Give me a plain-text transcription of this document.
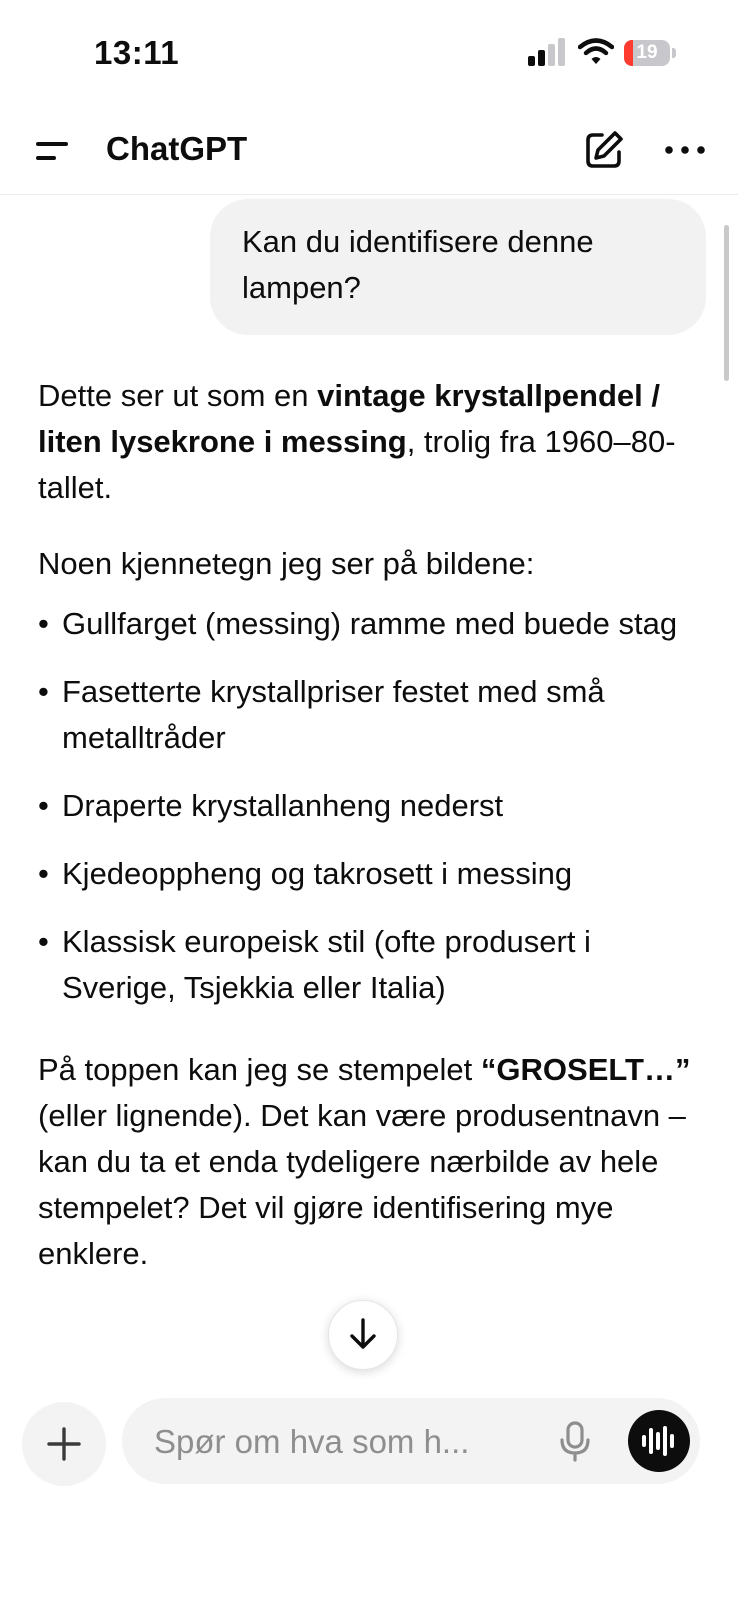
13:11	19
ChatGPT
Kan du identifisere denne lampen?

Dette ser ut som en vintage krystallpendel / liten lysekrone i messing, trolig fra 1960–80-tallet.

Noen kjennetegn jeg ser på bildene:

• Gullfarget (messing) ramme med buede stag
• Fasetterte krystallpriser festet med små metalltråder
• Draperte krystallanheng nederst
• Kjedeoppheng og takrosett i messing
• Klassisk europeisk stil (ofte produsert i Sverige, Tsjekkia eller Italia)

På toppen kan jeg se stempelet “GROSELT…” (eller lignende). Det kan være produsentnavn – kan du ta et enda tydeligere nærbilde av hele stempelet? Det vil gjøre identifisering mye enklere.

Spør om hva som h...
